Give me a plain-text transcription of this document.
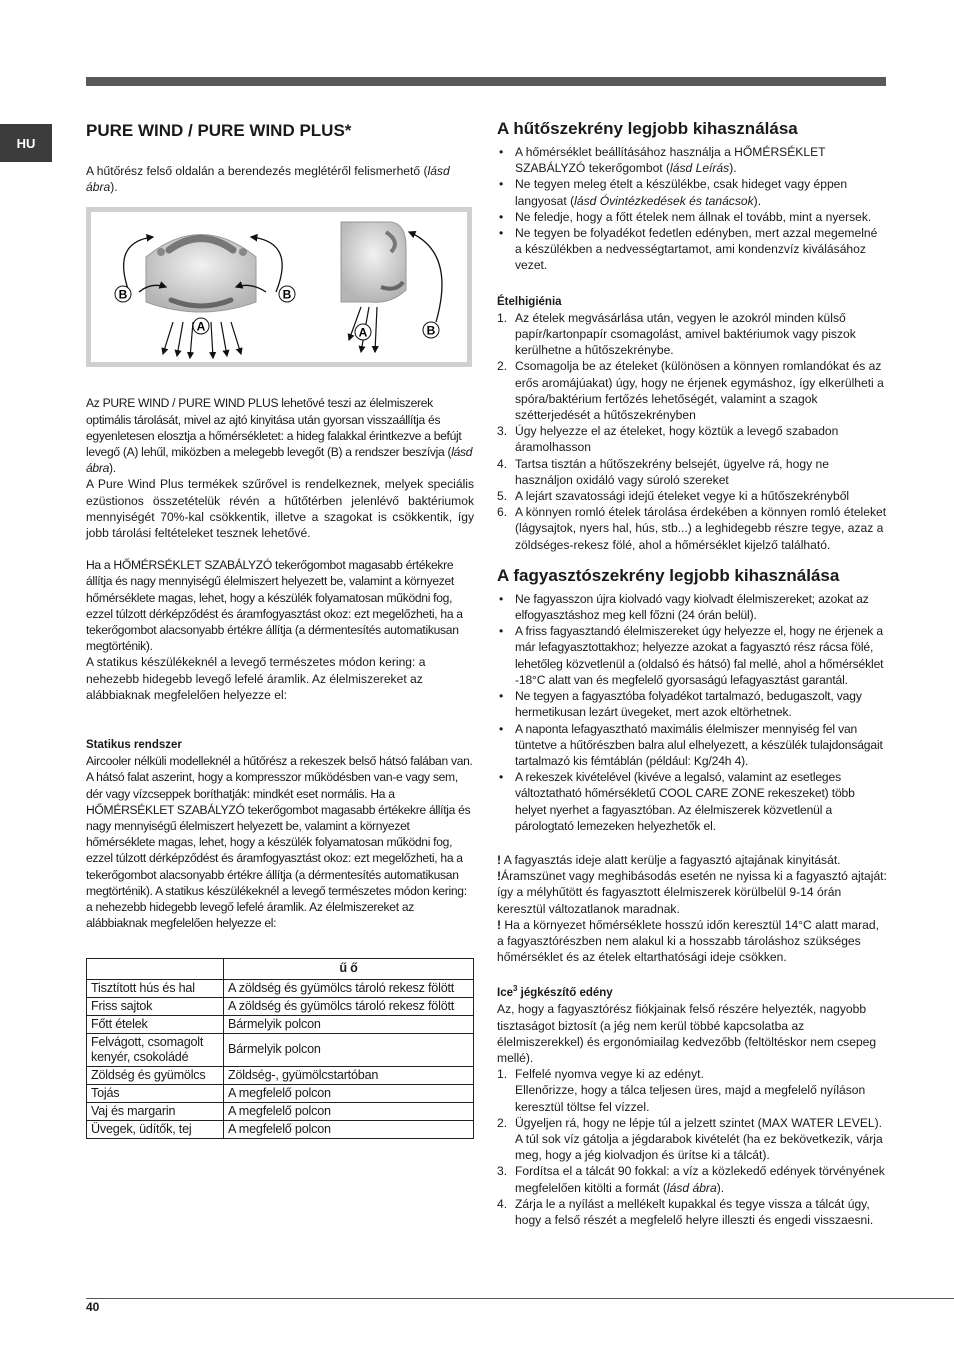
HU
PURE WIND / PURE WIND PLUS*

A hűtőrész felső oldalán a berendezés meglétéről felismerhető (lásd ábra).

B	B
A	A	B

Az PURE WIND / PURE WIND PLUS lehetővé teszi az élelmiszerek optimális tárolását, mivel az ajtó kinyitása után gyorsan visszaállítja és egyenletesen elosztja a hőmérsékletet: a hideg falakkal érintkezve a befújt levegő (A) lehűl, miközben a melegebb levegőt (B) a rendszer beszívja (lásd ábra).

A Pure Wind Plus termékek szűrővel is rendelkeznek, melyek speciális ezüstionos összetételük révén a hűtőtérben jelenlévő baktériumok mennyiségét 70%-kal csökkentik, illetve a szagokat is csökkentik, így jobb tárolási feltételeket tesznek lehetővé.

Ha a HŐMÉRSÉKLET SZABÁLYZÓ tekerőgombot magasabb értékekre állítja és nagy mennyiségű élelmiszert helyezett be, valamint a környezet hőmérséklete magas, lehet, hogy a készülék folyamatosan működni fog, ezzel túlzott dérképződést és áramfogyasztást okoz: ezt megelőzheti, ha a tekerőgombot alacsonyabb értékre állítja (a dérmentesítés automatikusan megtörténik).

A statikus készülékeknél a levegő természetes módon kering: a nehezebb hidegebb levegő lefelé áramlik. Az élelmiszereket az alábbiaknak megfelelően helyezze el:

Statikus rendszer

Aircooler nélküli modelleknél a hűtőrész a rekeszek belső hátsó falában van. A hátsó falat aszerint, hogy a kompresszor működésben van-e vagy sem, dér vagy vízcseppek boríthatják: mindkét eset normális. Ha a HŐMÉRSÉKLET SZABÁLYZÓ tekerőgombot magasabb értékekre állítja és nagy mennyiségű élelmiszert helyezett be, valamint a környezet hőmérséklete magas, lehet, hogy a készülék folyamatosan működni fog, ezzel túlzott dérképződést és áramfogyasztást okoz: ezt megelőzheti, ha a tekerőgombot alacsonyabb értékre állítja (a dérmentesítés automatikusan megtörténik). A statikus készülékeknél a levegő természetes módon kering: a nehezebb hidegebb levegő lefelé áramlik. Az élelmiszereket az alábbiaknak megfelelően helyezze el:

	ű ő
Tisztított hús és hal	A zöldség és gyümölcs tároló rekesz fölött
Friss sajtok	A zöldség és gyümölcs tároló rekesz fölött
Főtt ételek	Bármelyik polcon
Felvágott, csomagolt kenyér, csokoládé	Bármelyik polcon
Zöldség és gyümölcs	Zöldség-, gyümölcstartóban
Tojás	A megfelelő polcon
Vaj és margarin	A megfelelő polcon
Üvegek, üdítők, tej	A megfelelő polcon
A hűtőszekrény legjobb kihasználása
• A hőmérséklet beállításához használja a HŐMÉRSÉKLET SZABÁLYZÓ tekerőgombot (lásd Leírás).
• Ne tegyen meleg ételt a készülékbe, csak hideget vagy éppen langyosat (lásd Óvintézkedések és tanácsok).
• Ne feledje, hogy a főtt ételek nem állnak el tovább, mint a nyersek.
• Ne tegyen be folyadékot fedetlen edényben, mert azzal megemelné a készülékben a nedvességtartamot, ami kondenzvíz kiválásához vezet.

Ételhigiénia

1. Az ételek megvásárlása után, vegyen le azokról minden külső papír/kartonpapír csomagolást, amivel baktériumok vagy piszok kerülhetne a hűtőszekrénybe.
2. Csomagolja be az ételeket (különösen a könnyen romlandókat és az erős aromájúakat) úgy, hogy ne érjenek egymáshoz, így elkerülheti a spóra/baktérium fertőzés lehetőségét, valamint a szagok szétterjedését a hűtőszekrényben
3. Úgy helyezze el az ételeket, hogy köztük a levegő szabadon áramolhasson
4. Tartsa tisztán a hűtőszekrény belsejét, ügyelve rá, hogy ne használjon oxidáló vagy súroló szereket
5. A lejárt szavatossági idejű ételeket vegye ki a hűtőszekrényből
6. A könnyen romló ételek tárolása érdekében a könnyen romló ételeket (lágysajtok, nyers hal, hús, stb...) a leghidegebb részre tegye, azaz a zöldséges-rekesz fölé, ahol a hőmérséklet kijelző található.
A fagyasztószekrény legjobb kihasználása
• Ne fagyasszon újra kiolvadó vagy kiolvadt élelmiszereket; azokat az elfogyasztáshoz meg kell főzni (24 órán belül).
• A friss fagyasztandó élelmiszereket úgy helyezze el, hogy ne érjenek a már lefagyasztottakhoz; helyezze azokat a fagyasztó rész rácsa fölé, lehetőleg közvetlenül a (oldalsó és hátsó) fal mellé, ahol a hőmérséklet -18°C alatt van és megfelelő gyorsaságú lefagyasztást garantál.
• Ne tegyen a fagyasztóba folyadékot tartalmazó, bedugaszolt, vagy hermetikusan lezárt üvegeket, mert azok eltörhetnek.
• A naponta lefagyasztható maximális élelmiszer mennyiség fel van tüntetve a hűtőrészben balra alul elhelyezett, a készülék tulajdonságait tartalmazó kis fémtáblán (például: Kg/24h 4).
• A rekeszek kivételével (kivéve a legalsó, valamint az esetleges változtatható hőmérsékletű COOL CARE ZONE rekeszeket) több helyet nyerhet a fagyasztóban. Az élelmiszerek közvetlenül a párologtató lemezeken helyezhetők el.

! A fagyasztás ideje alatt kerülje a fagyasztó ajtajának kinyitását.

!Áramszünet vagy meghibásodás esetén ne nyissa ki a fagyasztó ajtaját: így a mélyhűtött és fagyasztott élelmiszerek körülbelül 9-14 órán keresztül változatlanok maradnak.

! Ha a környezet hőmérséklete hosszú időn keresztül 14°C alatt marad, a fagyasztórészben nem alakul ki a hosszabb tároláshoz szükséges hőmérséklet és az ételek eltarthatósági ideje csökken.

Ice$^3$ jégkészítő edény

Az, hogy a fagyasztórész fiókjainak felső részére helyezték, nagyobb tisztaságot biztosít (a jég nem kerül többé kapcsolatba az élelmiszerekkel) és ergonómiailag kedvezőbb (feltöltéskor nem csepeg mellé).

1. Felfelé nyomva vegye ki az edényt.
Ellenőrizze, hogy a tálca teljesen üres, majd a megfelelő nyíláson keresztül töltse fel vízzel.
2. Ügyeljen rá, hogy ne lépje túl a jelzett szintet (MAX WATER LEVEL). A túl sok víz gátolja a jégdarabok kivételét (ha ez bekövetkezik, várja meg, hogy a jég kiolvadjon és ürítse ki a tálcát).
3. Fordítsa el a tálcát 90 fokkal: a víz a közlekedő edények törvényének megfelelően kitölti a formát (lásd ábra).
4. Zárja le a nyílást a mellékelt kupakkal és tegye vissza a tálcát úgy, hogy a felső részét a megfelelő helyre illeszti és engedi visszaesni.
40
